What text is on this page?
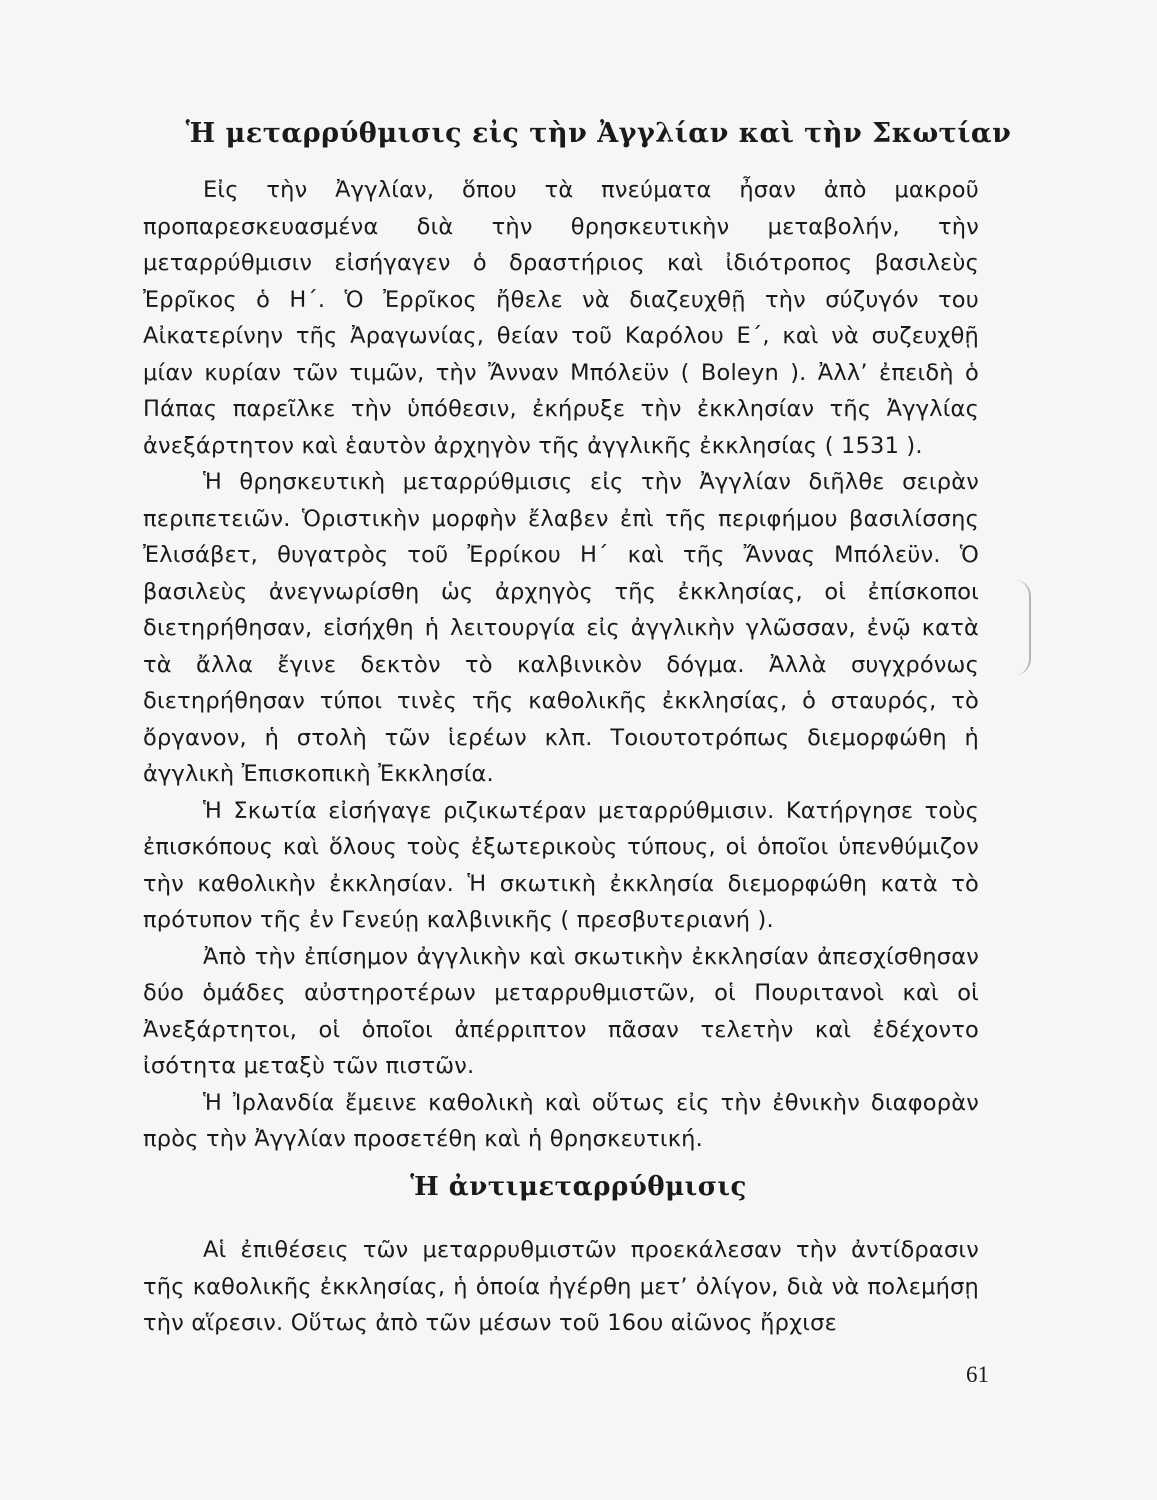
Ἡ μεταρρύθμισις εἰς τὴν Ἀγγλίαν καὶ τὴν Σκωτίαν

Εἰς τὴν Ἀγγλίαν, ὅπου τὰ πνεύματα ἦσαν ἀπὸ μακροῦ προπαρεσκευασμένα διὰ τὴν θρησκευτικὴν μεταβολήν, τὴν μεταρρύθμισιν εἰσήγαγεν ὁ δραστήριος καὶ ἰδιότροπος βασιλεὺς Ἐρρῖκος ὁ Η΄. Ὁ Ἐρρῖκος ἤθελε νὰ διαζευχθῇ τὴν σύζυγόν του Αἰκατερίνην τῆς Ἀραγωνίας, θείαν τοῦ Καρόλου Ε΄, καὶ νὰ συζευχθῇ μίαν κυρίαν τῶν τιμῶν, τὴν Ἄνναν Μπόλεϋν ( Boleyn ). Ἀλλ’ ἐπειδὴ ὁ Πάπας παρεῖλκε τὴν ὑπόθεσιν, ἐκήρυξε τὴν ἐκκλησίαν τῆς Ἀγγλίας ἀνεξάρτητον καὶ ἑαυτὸν ἀρχηγὸν τῆς ἀγγλικῆς ἐκκλησίας ( 1531 ).

Ἡ θρησκευτικὴ μεταρρύθμισις εἰς τὴν Ἀγγλίαν διῆλθε σειρὰν περιπετειῶν. Ὁριστικὴν μορφὴν ἔλαβεν ἐπὶ τῆς περιφήμου βασιλίσσης Ἐλισάβετ, θυγατρὸς τοῦ Ἐρρίκου Η΄ καὶ τῆς Ἄννας Μπόλεϋν. Ὁ βασιλεὺς ἀνεγνωρίσθη ὡς ἀρχηγὸς τῆς ἐκκλησίας, οἱ ἐπίσκοποι διετηρήθησαν, εἰσήχθη ἡ λειτουργία εἰς ἀγγλικὴν γλῶσσαν, ἐνῷ κατὰ τὰ ἄλλα ἔγινε δεκτὸν τὸ καλβινικὸν δόγμα. Ἀλλὰ συγχρόνως διετηρήθησαν τύποι τινὲς τῆς καθολικῆς ἐκκλησίας, ὁ σταυρός, τὸ ὄργανον, ἡ στολὴ τῶν ἱερέων κλπ. Τοιουτοτρόπως διεμορφώθη ἡ ἀγγλικὴ Ἐπισκοπικὴ Ἐκκλησία.

Ἡ Σκωτία εἰσήγαγε ριζικωτέραν μεταρρύθμισιν. Κατήργησε τοὺς ἐπισκόπους καὶ ὅλους τοὺς ἐξωτερικοὺς τύπους, οἱ ὁποῖοι ὑπενθύμιζον τὴν καθολικὴν ἐκκλησίαν. Ἡ σκωτικὴ ἐκκλησία διεμορφώθη κατὰ τὸ πρότυπον τῆς ἐν Γενεύῃ καλβινικῆς ( πρεσβυτεριανή ).

Ἀπὸ τὴν ἐπίσημον ἀγγλικὴν καὶ σκωτικὴν ἐκκλησίαν ἀπεσχίσθησαν δύο ὁμάδες αὐστηροτέρων μεταρρυθμιστῶν, οἱ Πουριτανοὶ καὶ οἱ Ἀνεξάρτητοι, οἱ ὁποῖοι ἀπέρριπτον πᾶσαν τελετὴν καὶ ἐδέχοντο ἰσότητα μεταξὺ τῶν πιστῶν.

Ἡ Ἰρλανδία ἔμεινε καθολικὴ καὶ οὕτως εἰς τὴν ἐθνικὴν διαφορὰν πρὸς τὴν Ἀγγλίαν προσετέθη καὶ ἡ θρησκευτική.

Ἡ ἀντιμεταρρύθμισις

Αἱ ἐπιθέσεις τῶν μεταρρυθμιστῶν προεκάλεσαν τὴν ἀντίδρασιν τῆς καθολικῆς ἐκκλησίας, ἡ ὁποία ἠγέρθη μετ’ ὀλίγον, διὰ νὰ πολεμήσῃ τὴν αἵρεσιν. Οὕτως ἀπὸ τῶν μέσων τοῦ 16ου αἰῶνος ἤρχισε

61
